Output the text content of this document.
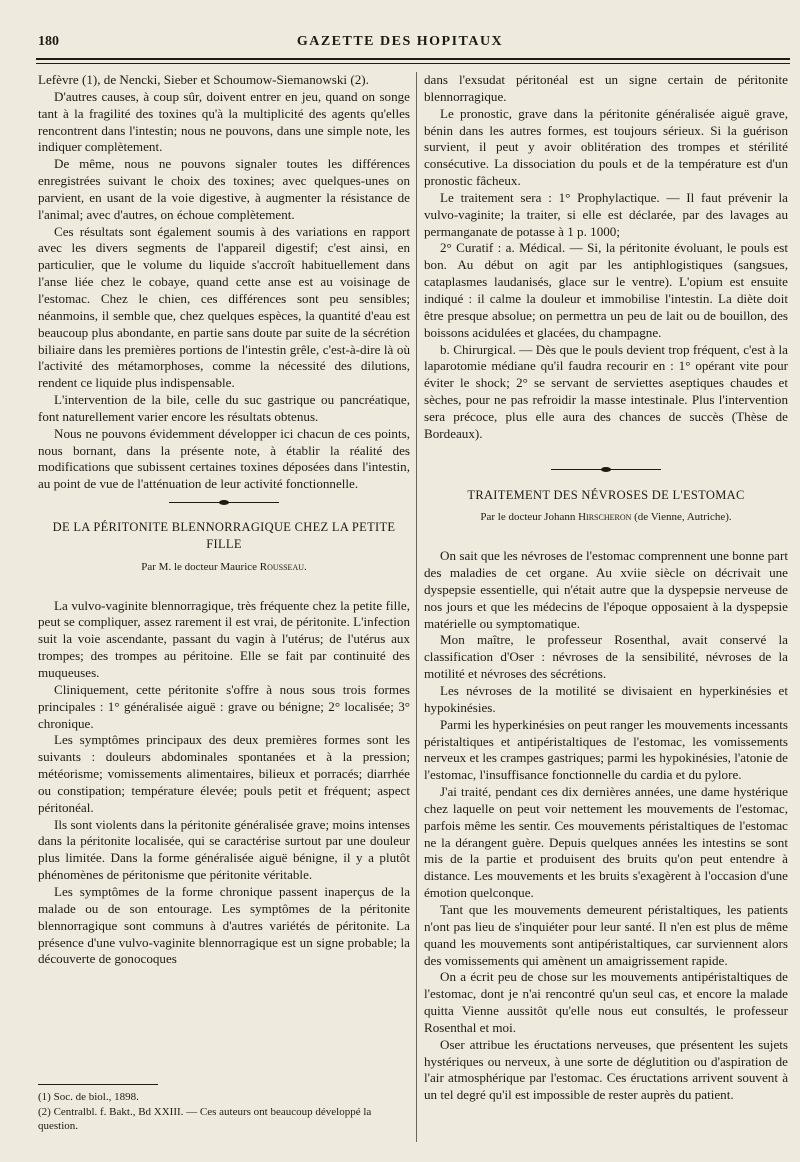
180	GAZETTE DES HOPITAUX

Lefèvre (1), de Nencki, Sieber et Schoumow-Siemanowski (2).

D'autres causes, à coup sûr, doivent entrer en jeu, quand on songe tant à la fragilité des toxines qu'à la multiplicité des agents qu'elles rencontrent dans l'intestin; nous ne pouvons, dans une simple note, les indiquer complètement.

De même, nous ne pouvons signaler toutes les différences enregistrées suivant le choix des toxines; avec quelques-unes on parvient, en usant de la voie digestive, à augmenter la résistance de l'animal; avec d'autres, on échoue complètement.

Ces résultats sont également soumis à des variations en rapport avec les divers segments de l'appareil digestif; c'est ainsi, en particulier, que le volume du liquide s'accroît habituellement dans l'anse liée chez le cobaye, quand cette anse est au voisinage de l'estomac. Chez le chien, ces différences sont peu sensibles; néanmoins, il semble que, chez quelques espèces, la quantité d'eau est beaucoup plus abondante, en partie sans doute par suite de la sécrétion biliaire dans les premières portions de l'intestin grêle, c'est-à-dire là où l'activité des métamorphoses, comme la nécessité des dilutions, rendent ce liquide plus indispensable.

L'intervention de la bile, celle du suc gastrique ou pancréatique, font naturellement varier encore les résultats obtenus.

Nous ne pouvons évidemment développer ici chacun de ces points, nous bornant, dans la présente note, à établir la réalité des modifications que subissent certaines toxines déposées dans l'intestin, au point de vue de l'atténuation de leur activité fonctionnelle.

DE LA PÉRITONITE BLENNORRAGIQUE CHEZ LA PETITE FILLE
Par M. le docteur Maurice Rousseau.

La vulvo-vaginite blennorragique, très fréquente chez la petite fille, peut se compliquer, assez rarement il est vrai, de péritonite. L'infection suit la voie ascendante, passant du vagin à l'utérus; de l'utérus aux trompes; des trompes au péritoine. Elle se fait par continuité des muqueuses.

Cliniquement, cette péritonite s'offre à nous sous trois formes principales : 1° généralisée aiguë : grave ou bénigne; 2° localisée; 3° chronique.

Les symptômes principaux des deux premières formes sont les suivants : douleurs abdominales spontanées et à la pression; météorisme; vomissements alimentaires, bilieux et porracés; diarrhée ou constipation; température élevée; pouls petit et fréquent; aspect péritonéal.

Ils sont violents dans la péritonite généralisée grave; moins intenses dans la péritonite localisée, qui se caractérise surtout par une douleur plus limitée. Dans la forme généralisée aiguë bénigne, il y a plutôt phénomènes de péritonisme que péritonite véritable.

Les symptômes de la forme chronique passent inaperçus de la malade ou de son entourage. Les symptômes de la péritonite blennorragique sont communs à d'autres variétés de péritonite. La présence d'une vulvo-vaginite blennorragique est un signe probable; la découverte de gonocoques

(1) Soc. de biol., 1898.
(2) Centralbl. f. Bakt., Bd XXIII. — Ces auteurs ont beaucoup développé la question.

dans l'exsudat péritonéal est un signe certain de péritonite blennorragique.

Le pronostic, grave dans la péritonite généralisée aiguë grave, bénin dans les autres formes, est toujours sérieux. Si la guérison survient, il peut y avoir oblitération des trompes et stérilité consécutive. La dissociation du pouls et de la température est d'un pronostic fâcheux.

Le traitement sera : 1° Prophylactique. — Il faut prévenir la vulvo-vaginite; la traiter, si elle est déclarée, par des lavages au permanganate de potasse à 1 p. 1000;

2° Curatif : a. Médical. — Si, la péritonite évoluant, le pouls est bon. Au début on agit par les antiphlogistiques (sangsues, cataplasmes laudanisés, glace sur le ventre). L'opium est ensuite indiqué : il calme la douleur et immobilise l'intestin. La diète doit être presque absolue; on permettra un peu de lait ou de bouillon, des boissons acidulées et glacées, du champagne.

b. Chirurgical. — Dès que le pouls devient trop fréquent, c'est à la laparotomie médiane qu'il faudra recourir en : 1° opérant vite pour éviter le shock; 2° se servant de serviettes aseptiques chaudes et sèches, pour ne pas refroidir la masse intestinale. Plus l'intervention sera précoce, plus elle aura des chances de succès (Thèse de Bordeaux).

TRAITEMENT DES NÉVROSES DE L'ESTOMAC
Par le docteur Johann Hirscheron (de Vienne, Autriche).

On sait que les névroses de l'estomac comprennent une bonne part des maladies de cet organe. Au xviie siècle on décrivait une dyspepsie essentielle, qui n'était autre que la dyspepsie nerveuse de nos jours et que les médecins de l'époque opposaient à la dyspepsie matérielle ou symptomatique.

Mon maître, le professeur Rosenthal, avait conservé la classification d'Oser : névroses de la sensibilité, névroses de la motilité et névroses des sécrétions.

Les névroses de la motilité se divisaient en hyperkinésies et hypokinésies.

Parmi les hyperkinésies on peut ranger les mouvements incessants péristaltiques et antipéristaltiques de l'estomac, les vomissements nerveux et les crampes gastriques; parmi les hypokinésies, l'atonie de l'estomac, l'insuffisance fonctionnelle du cardia et du pylore.

J'ai traité, pendant ces dix dernières années, une dame hystérique chez laquelle on peut voir nettement les mouvements de l'estomac, parfois même les sentir. Ces mouvements péristaltiques de l'estomac ne la dérangent guère. Depuis quelques années les intestins se sont mis de la partie et produisent des bruits qu'on peut entendre à distance. Les mouvements et les bruits s'exagèrent à l'occasion d'une émotion quelconque.

Tant que les mouvements demeurent péristaltiques, les patients n'ont pas lieu de s'inquiéter pour leur santé. Il n'en est plus de même quand les mouvements sont antipéristaltiques, car surviennent alors des vomissements qui amènent un amaigrissement rapide.

On a écrit peu de chose sur les mouvements antipéristaltiques de l'estomac, dont je n'ai rencontré qu'un seul cas, et encore la malade quitta Vienne aussitôt qu'elle nous eut consultés, le professeur Rosenthal et moi.

Oser attribue les éructations nerveuses, que présentent les sujets hystériques ou nerveux, à une sorte de déglutition ou d'aspiration de l'air atmosphérique par l'estomac. Ces éructations arrivent souvent à un tel degré qu'il est impossible de rester auprès du patient.
